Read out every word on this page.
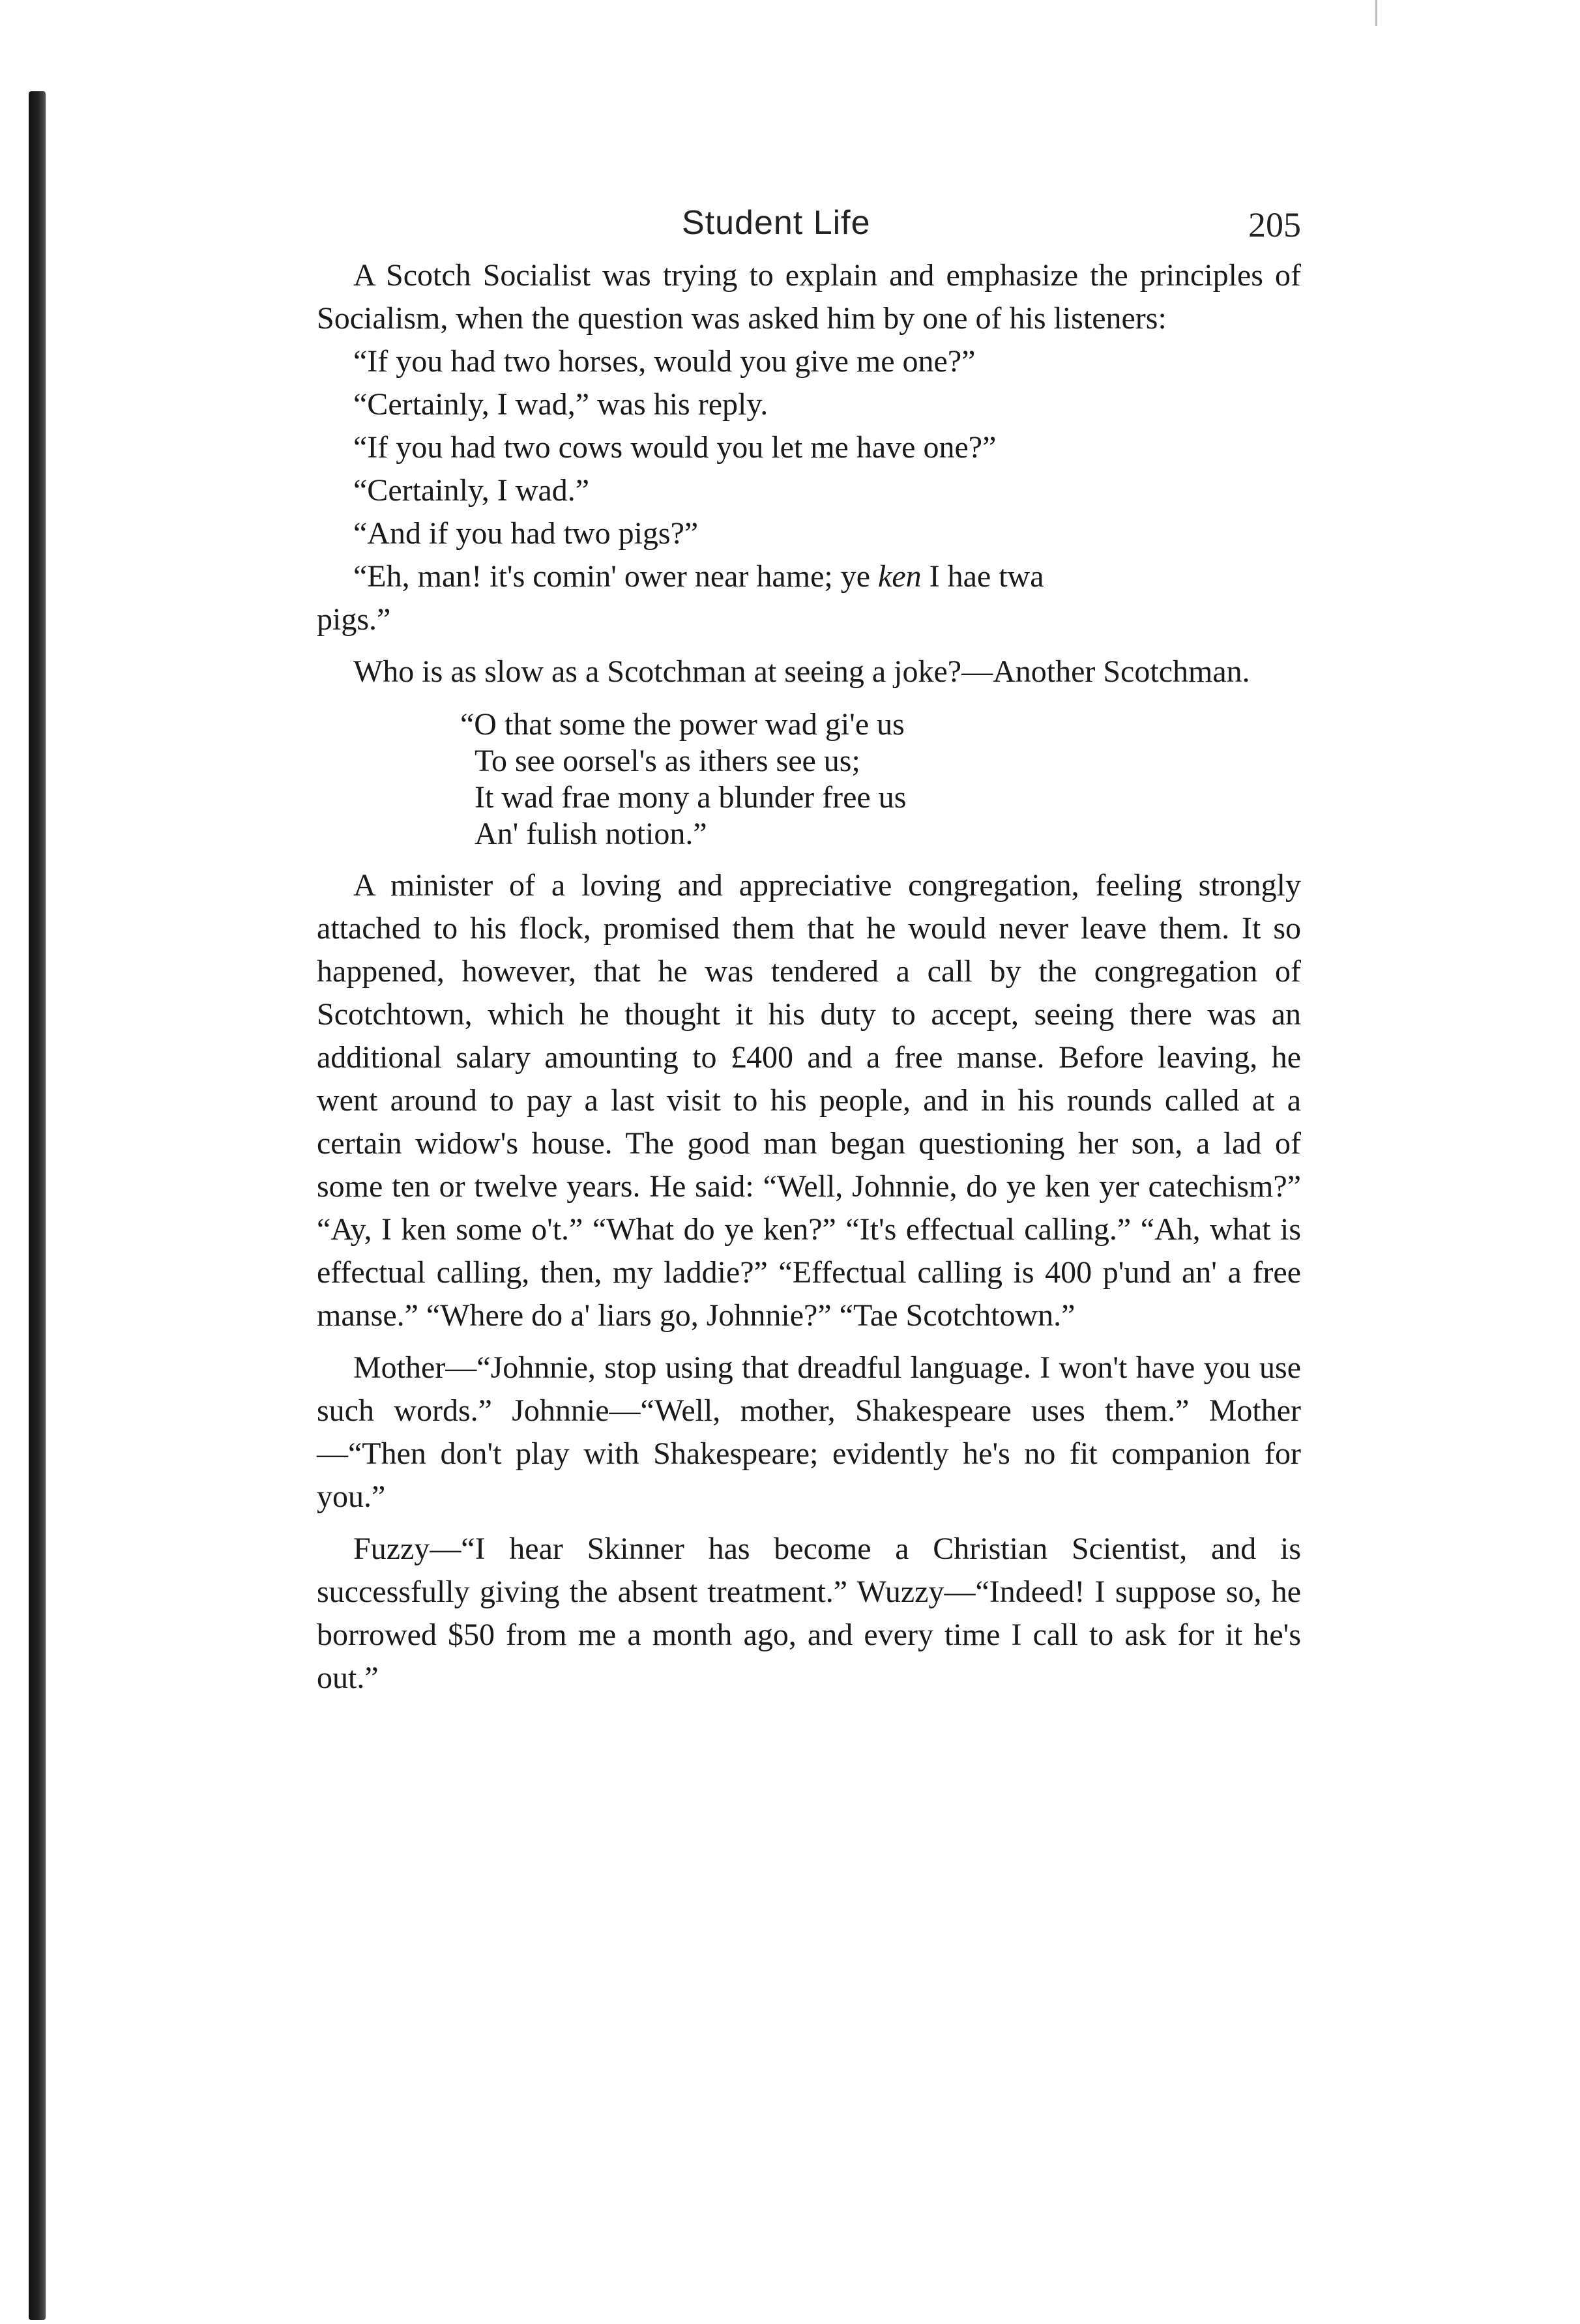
Student Life	205

A Scotch Socialist was trying to explain and emphasize the principles of Socialism, when the question was asked him by one of his listeners:

“If you had two horses, would you give me one?”

“Certainly, I wad,” was his reply.

“If you had two cows would you let me have one?”

“Certainly, I wad.”

“And if you had two pigs?”

“Eh, man! it's comin' ower near hame; ye ken I hae twa

pigs.”

Who is as slow as a Scotchman at seeing a joke?—Another Scotchman.

“O that some the power wad gi'e us
To see oorsel's as ithers see us;
It wad frae mony a blunder free us
An' fulish notion.”

A minister of a loving and appreciative congregation, feeling strongly attached to his flock, promised them that he would never leave them. It so happened, however, that he was tendered a call by the congregation of Scotchtown, which he thought it his duty to accept, seeing there was an additional salary amounting to £400 and a free manse. Before leaving, he went around to pay a last visit to his people, and in his rounds called at a certain widow's house. The good man began questioning her son, a lad of some ten or twelve years. He said: “Well, Johnnie, do ye ken yer catechism?” “Ay, I ken some o't.” “What do ye ken?” “It's effectual calling.” “Ah, what is effectual calling, then, my laddie?” “Effectual calling is 400 p'und an' a free manse.” “Where do a' liars go, Johnnie?” “Tae Scotchtown.”

Mother—“Johnnie, stop using that dreadful language. I won't have you use such words.” Johnnie—“Well, mother, Shakespeare uses them.” Mother—“Then don't play with Shakespeare; evidently he's no fit companion for you.”

Fuzzy—“I hear Skinner has become a Christian Scientist, and is successfully giving the absent treatment.” Wuzzy—“Indeed! I suppose so, he borrowed $50 from me a month ago, and every time I call to ask for it he's out.”
